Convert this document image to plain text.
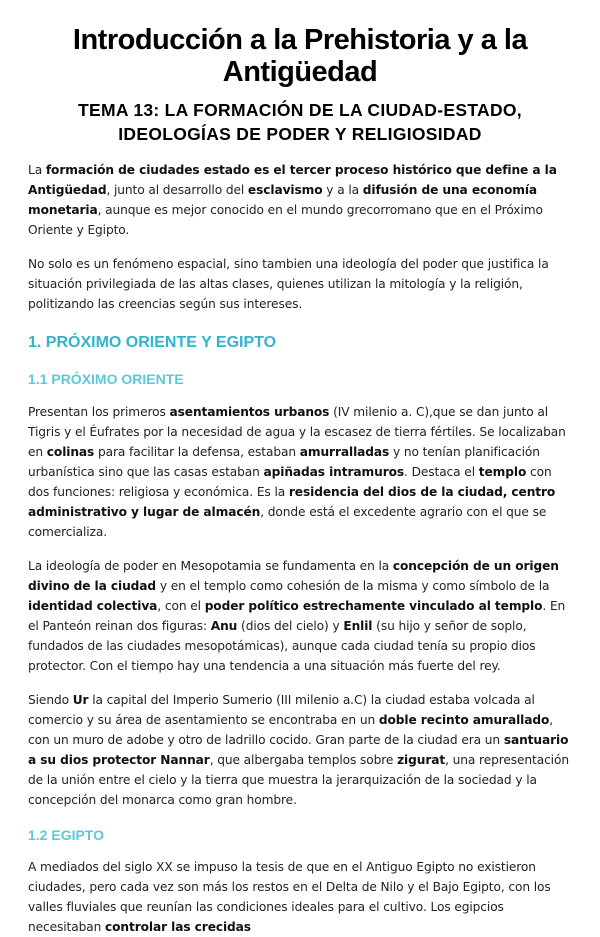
Introducción a la Prehistoria y a la Antigüedad
TEMA 13: LA FORMACIÓN DE LA CIUDAD-ESTADO, IDEOLOGÍAS DE PODER Y RELIGIOSIDAD

La formación de ciudades estado es el tercer proceso histórico que define a la Antigüedad, junto al desarrollo del esclavismo y a la difusión de una economía monetaria, aunque es mejor conocido en el mundo grecorromano que en el Próximo Oriente y Egipto.

No solo es un fenómeno espacial, sino tambien una ideología del poder que justifica la situación privilegiada de las altas clases, quienes utilizan la mitología y la religión, politizando las creencias según sus intereses.

1. PRÓXIMO ORIENTE Y EGIPTO
1.1 PRÓXIMO ORIENTE

Presentan los primeros asentamientos urbanos (IV milenio a. C),que se dan junto al Tigris y el Éufrates por la necesidad de agua y la escasez de tierra fértiles. Se localizaban en colinas para facilitar la defensa, estaban amurralladas y no tenían planificación urbanística sino que las casas estaban apiñadas intramuros. Destaca el templo con dos funciones: religiosa y económica. Es la residencia del dios de la ciudad, centro administrativo y lugar de almacén, donde está el excedente agrario con el que se comercializa.

La ideología de poder en Mesopotamia se fundamenta en la concepción de un origen divino de la ciudad y en el templo como cohesión de la misma y como símbolo de la identidad colectiva, con el poder político estrechamente vinculado al templo. En el Panteón reinan dos figuras: Anu (dios del cielo) y Enlil (su hijo y señor de soplo, fundados de las ciudades mesopotámicas), aunque cada ciudad tenía su propio dios protector. Con el tiempo hay una tendencia a una situación más fuerte del rey.

Siendo Ur la capital del Imperio Sumerio (III milenio a.C) la ciudad estaba volcada al comercio y su área de asentamiento se encontraba en un doble recinto amurallado, con un muro de adobe y otro de ladrillo cocido. Gran parte de la ciudad era un santuario a su dios protector Nannar, que albergaba templos sobre zigurat, una representación de la unión entre el cielo y la tierra que muestra la jerarquización de la sociedad y la concepción del monarca como gran hombre.

1.2 EGIPTO

A mediados del siglo XX se impuso la tesis de que en el Antiguo Egipto no existieron ciudades, pero cada vez son más los restos en el Delta de Nilo y el Bajo Egipto, con los valles fluviales que reunían las condiciones ideales para el cultivo. Los egipcios necesitaban controlar las crecidas
